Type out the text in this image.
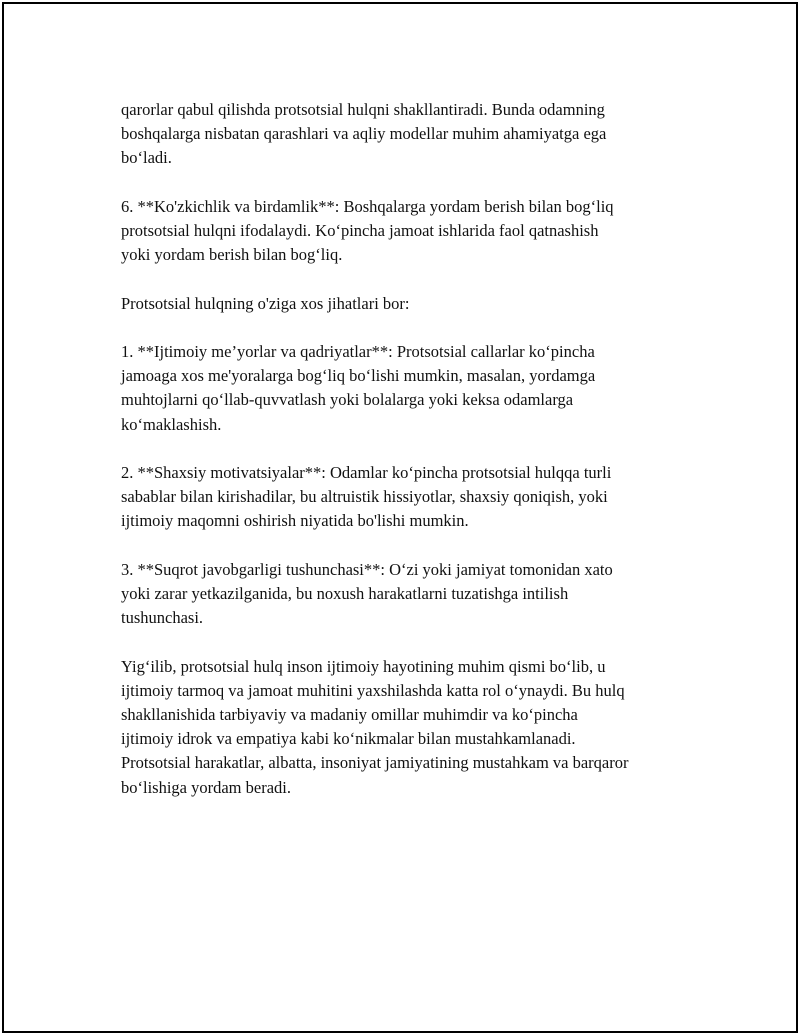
qarorlar qabul qilishda protsotsial hulqni shakllantiradi. Bunda odamning
boshqalarga nisbatan qarashlari va aqliy modellar muhim ahamiyatga ega
bo‘ladi.

6. **Ko'zkichlik va birdamlik**: Boshqalarga yordam berish bilan bog‘liq
protsotsial hulqni ifodalaydi. Ko‘pincha jamoat ishlarida faol qatnashish
yoki yordam berish bilan bog‘liq.

Protsotsial hulqning o'ziga xos jihatlari bor:

1. **Ijtimoiy me’yorlar va qadriyatlar**: Protsotsial callarlar ko‘pincha
jamoaga xos me'yoralarga bog‘liq bo‘lishi mumkin, masalan, yordamga
muhtojlarni qo‘llab-quvvatlash yoki bolalarga yoki keksa odamlarga
ko‘maklashish.

2. **Shaxsiy motivatsiyalar**: Odamlar ko‘pincha protsotsial hulqqa turli
sabablar bilan kirishadilar, bu altruistik hissiyotlar, shaxsiy qoniqish, yoki
ijtimoiy maqomni oshirish niyatida bo'lishi mumkin.

3. **Suqrot javobgarligi tushunchasi**: O‘zi yoki jamiyat tomonidan xato
yoki zarar yetkazilganida, bu noxush harakatlarni tuzatishga intilish
tushunchasi.

Yig‘ilib, protsotsial hulq inson ijtimoiy hayotining muhim qismi bo‘lib, u
ijtimoiy tarmoq va jamoat muhitini yaxshilashda katta rol o‘ynaydi. Bu hulq
shakllanishida tarbiyaviy va madaniy omillar muhimdir va ko‘pincha
ijtimoiy idrok va empatiya kabi ko‘nikmalar bilan mustahkamlanadi.
Protsotsial harakatlar, albatta, insoniyat jamiyatining mustahkam va barqaror
bo‘lishiga yordam beradi.
